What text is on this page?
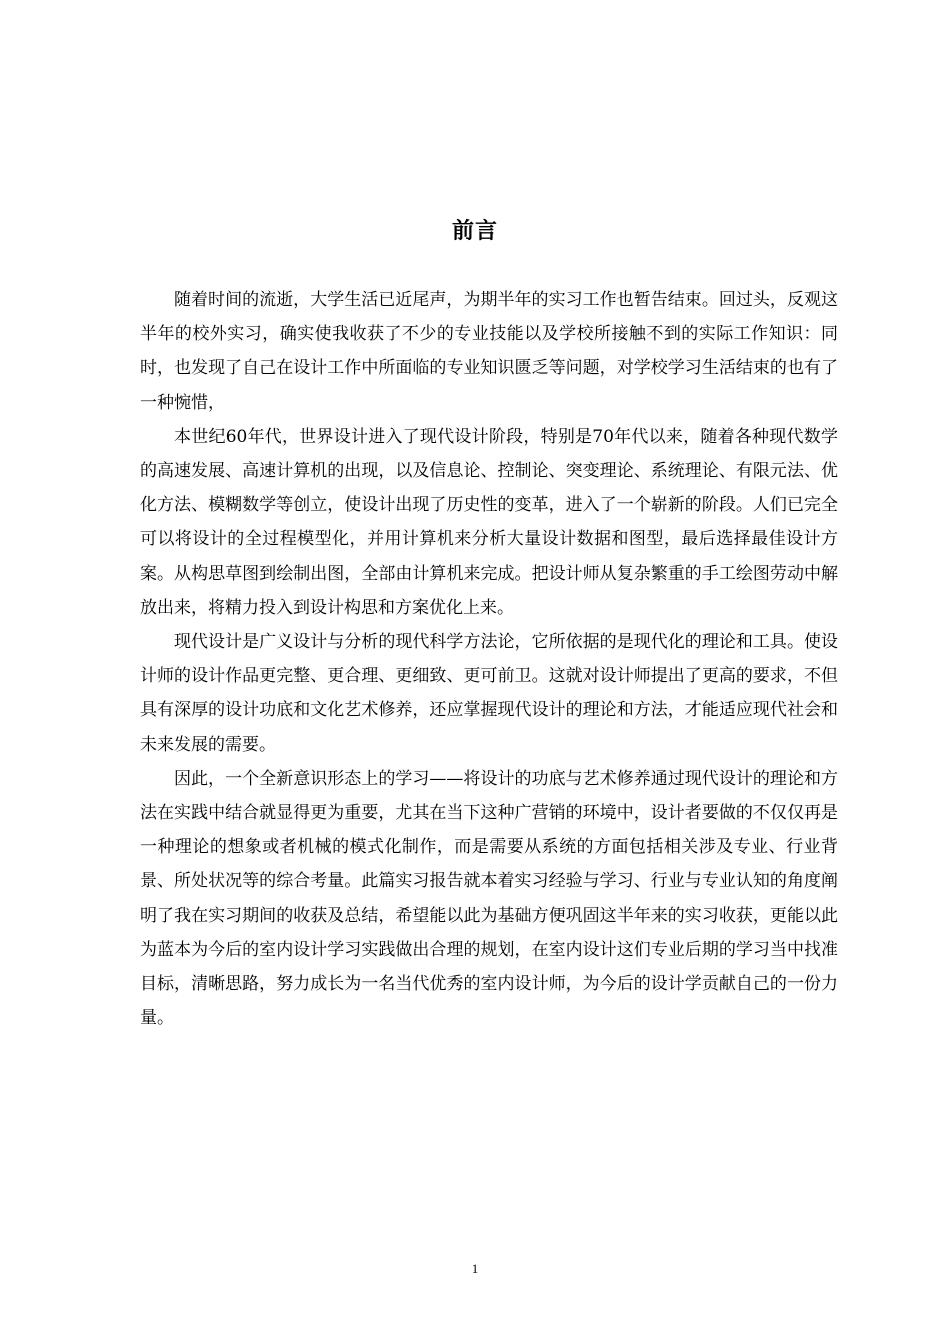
前言

随着时间的流逝，大学生活已近尾声，为期半年的实习工作也暂告结束。回过头，反观这半年的校外实习，确实使我收获了不少的专业技能以及学校所接触不到的实际工作知识：同时，也发现了自己在设计工作中所面临的专业知识匮乏等问题，对学校学习生活结束的也有了一种惋惜，

本世纪60年代，世界设计进入了现代设计阶段，特别是70年代以来，随着各种现代数学的高速发展、高速计算机的出现，以及信息论、控制论、突变理论、系统理论、有限元法、优化方法、模糊数学等创立，使设计出现了历史性的变革，进入了一个崭新的阶段。人们已完全可以将设计的全过程模型化，并用计算机来分析大量设计数据和图型，最后选择最佳设计方案。从构思草图到绘制出图，全部由计算机来完成。把设计师从复杂繁重的手工绘图劳动中解放出来，将精力投入到设计构思和方案优化上来。

现代设计是广义设计与分析的现代科学方法论，它所依据的是现代化的理论和工具。使设计师的设计作品更完整、更合理、更细致、更可前卫。这就对设计师提出了更高的要求，不但具有深厚的设计功底和文化艺术修养，还应掌握现代设计的理论和方法，才能适应现代社会和未来发展的需要。

因此，一个全新意识形态上的学习——将设计的功底与艺术修养通过现代设计的理论和方法在实践中结合就显得更为重要，尤其在当下这种广营销的环境中，设计者要做的不仅仅再是一种理论的想象或者机械的模式化制作，而是需要从系统的方面包括相关涉及专业、行业背景、所处状况等的综合考量。此篇实习报告就本着实习经验与学习、行业与专业认知的角度阐明了我在实习期间的收获及总结，希望能以此为基础方便巩固这半年来的实习收获，更能以此为蓝本为今后的室内设计学习实践做出合理的规划，在室内设计这们专业后期的学习当中找准目标，清晰思路，努力成长为一名当代优秀的室内设计师，为今后的设计学贡献自己的一份力量。

1
